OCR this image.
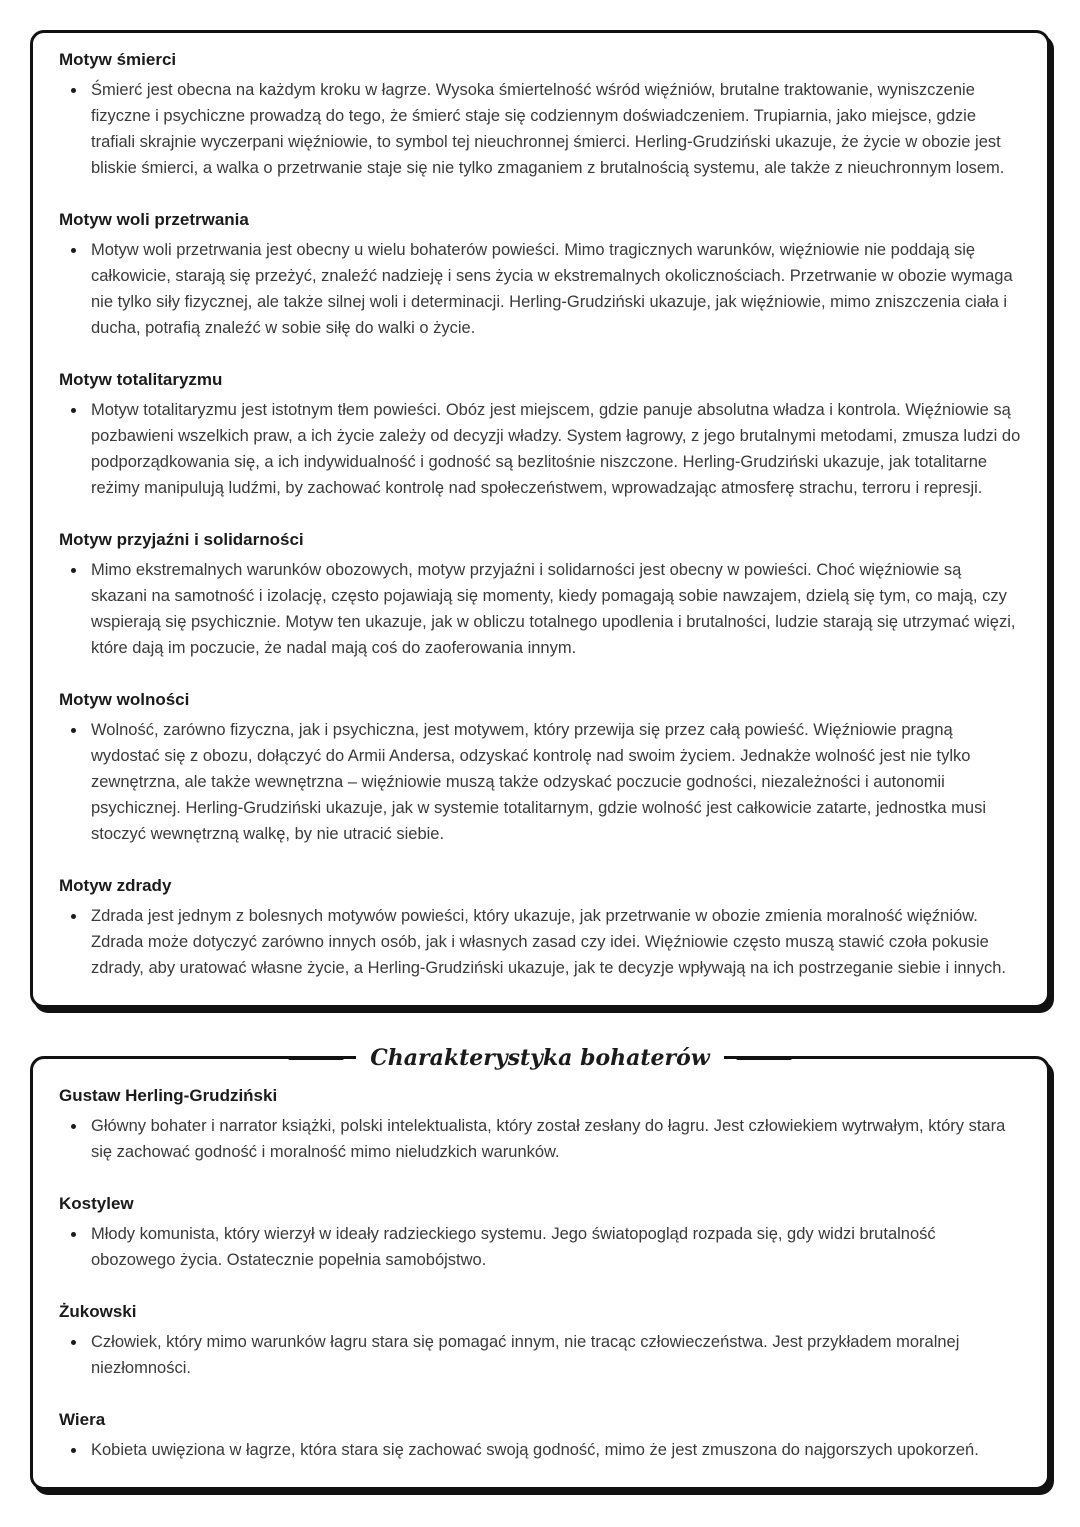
Motyw śmierci
• Śmierć jest obecna na każdym kroku w łagrze. Wysoka śmiertelność wśród więźniów, brutalne traktowanie, wyniszczenie fizyczne i psychiczne prowadzą do tego, że śmierć staje się codziennym doświadczeniem. Trupiarnia, jako miejsce, gdzie trafiali skrajnie wyczerpani więźniowie, to symbol tej nieuchronnej śmierci. Herling-Grudziński ukazuje, że życie w obozie jest bliskie śmierci, a walka o przetrwanie staje się nie tylko zmaganiem z brutalnością systemu, ale także z nieuchronnym losem.
Motyw woli przetrwania
• Motyw woli przetrwania jest obecny u wielu bohaterów powieści. Mimo tragicznych warunków, więźniowie nie poddają się całkowicie, starają się przeżyć, znaleźć nadzieję i sens życia w ekstremalnych okolicznościach. Przetrwanie w obozie wymaga nie tylko siły fizycznej, ale także silnej woli i determinacji. Herling-Grudziński ukazuje, jak więźniowie, mimo zniszczenia ciała i ducha, potrafią znaleźć w sobie siłę do walki o życie.
Motyw totalitaryzmu
• Motyw totalitaryzmu jest istotnym tłem powieści. Obóz jest miejscem, gdzie panuje absolutna władza i kontrola. Więźniowie są pozbawieni wszelkich praw, a ich życie zależy od decyzji władzy. System łagrowy, z jego brutalnymi metodami, zmusza ludzi do podporządkowania się, a ich indywidualność i godność są bezlitośnie niszczone. Herling-Grudziński ukazuje, jak totalitarne reżimy manipulują ludźmi, by zachować kontrolę nad społeczeństwem, wprowadzając atmosferę strachu, terroru i represji.
Motyw przyjaźni i solidarności
• Mimo ekstremalnych warunków obozowych, motyw przyjaźni i solidarności jest obecny w powieści. Choć więźniowie są skazani na samotność i izolację, często pojawiają się momenty, kiedy pomagają sobie nawzajem, dzielą się tym, co mają, czy wspierają się psychicznie. Motyw ten ukazuje, jak w obliczu totalnego upodlenia i brutalności, ludzie starają się utrzymać więzi, które dają im poczucie, że nadal mają coś do zaoferowania innym.
Motyw wolności
• Wolność, zarówno fizyczna, jak i psychiczna, jest motywem, który przewija się przez całą powieść. Więźniowie pragną wydostać się z obozu, dołączyć do Armii Andersa, odzyskać kontrolę nad swoim życiem. Jednakże wolność jest nie tylko zewnętrzna, ale także wewnętrzna – więźniowie muszą także odzyskać poczucie godności, niezależności i autonomii psychicznej. Herling-Grudziński ukazuje, jak w systemie totalitarnym, gdzie wolność jest całkowicie zatarte, jednostka musi stoczyć wewnętrzną walkę, by nie utracić siebie.
Motyw zdrady
• Zdrada jest jednym z bolesnych motywów powieści, który ukazuje, jak przetrwanie w obozie zmienia moralność więźniów. Zdrada może dotyczyć zarówno innych osób, jak i własnych zasad czy idei. Więźniowie często muszą stawić czoła pokusie zdrady, aby uratować własne życie, a Herling-Grudziński ukazuje, jak te decyzje wpływają na ich postrzeganie siebie i innych.
Charakterystyka bohaterów
Gustaw Herling-Grudziński
• Główny bohater i narrator książki, polski intelektualista, który został zesłany do łagru. Jest człowiekiem wytrwałym, który stara się zachować godność i moralność mimo nieludzkich warunków.
Kostylew
• Młody komunista, który wierzył w ideały radzieckiego systemu. Jego światopogląd rozpada się, gdy widzi brutalność obozowego życia. Ostatecznie popełnia samobójstwo.
Żukowski
• Człowiek, który mimo warunków łagru stara się pomagać innym, nie tracąc człowieczeństwa. Jest przykładem moralnej niezłomności.
Wiera
• Kobieta uwięziona w łagrze, która stara się zachować swoją godność, mimo że jest zmuszona do najgorszych upokorzeń.
